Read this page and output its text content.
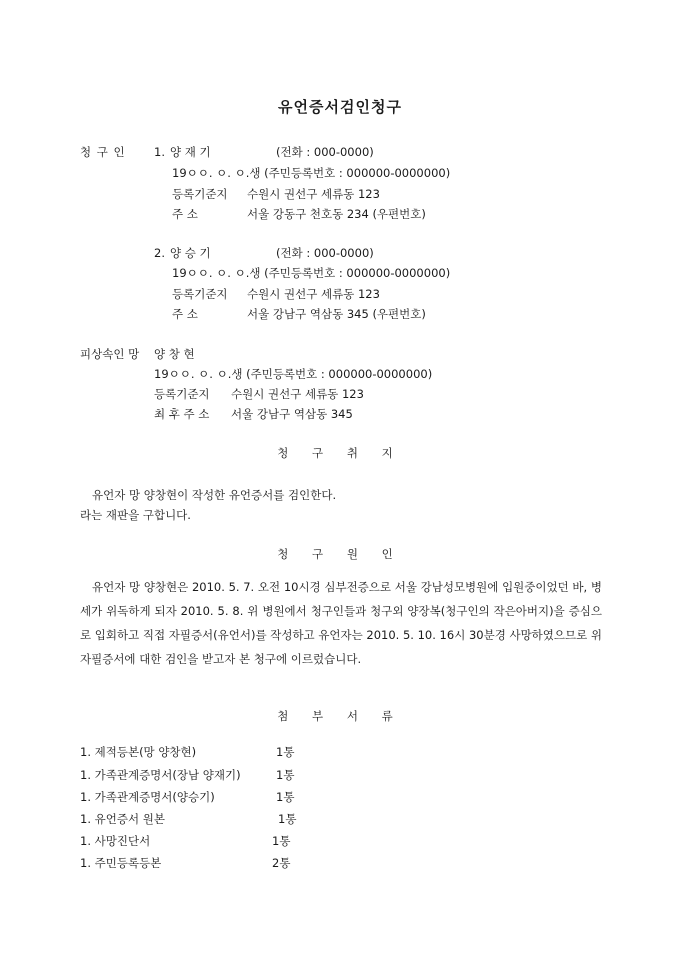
유언증서검인청구
청 구 인 1. 양 재 기	(전화 : 000-0000)
19ㅇㅇ. ㅇ. ㅇ.생 (주민등록번호 : 000000-0000000)
등록기준지 수원시 권선구 세류동 123
주 소	서울 강동구 천호동 234 (우편번호)
2. 양 승 기	(전화 : 000-0000)
19ㅇㅇ. ㅇ. ㅇ.생 (주민등록번호 : 000000-0000000)
등록기준지 수원시 권선구 세류동 123
주 소	서울 강남구 역삼동 345 (우편번호)
피상속인 망 양 창 현
19ㅇㅇ. ㅇ. ㅇ.생 (주민등록번호 : 000000-0000000)
등록기준지 수원시 권선구 세류동 123
최 후 주 소 서울 강남구 역삼동 345
청 구 취 지
유언자 망 양창현이 작성한 유언증서를 검인한다.
라는 재판을 구합니다.
청 구 원 인
유언자 망 양창현은 2010. 5. 7. 오전 10시경 심부전증으로 서울 강남성모병원에 입원중이었던 바, 병세가 위독하게 되자 2010. 5. 8. 위 병원에서 청구인들과 청구외 양장복(청구인의 작은아버지)을 증심으로 입회하고 직접 자필증서(유언서)를 작성하고 유언자는 2010. 5. 10. 16시 30분경 사망하였으므로 위 자필증서에 대한 검인을 받고자 본 청구에 이르렀습니다.
첨 부 서 류
1. 제적등본(망 양창현)	1통
1. 가족관계증명서(장남 양재기)	1통
1. 가족관계증명서(양승기)	1통
1. 유언증서 원본	1통
1. 사망진단서	1통
1. 주민등록등본	2통
